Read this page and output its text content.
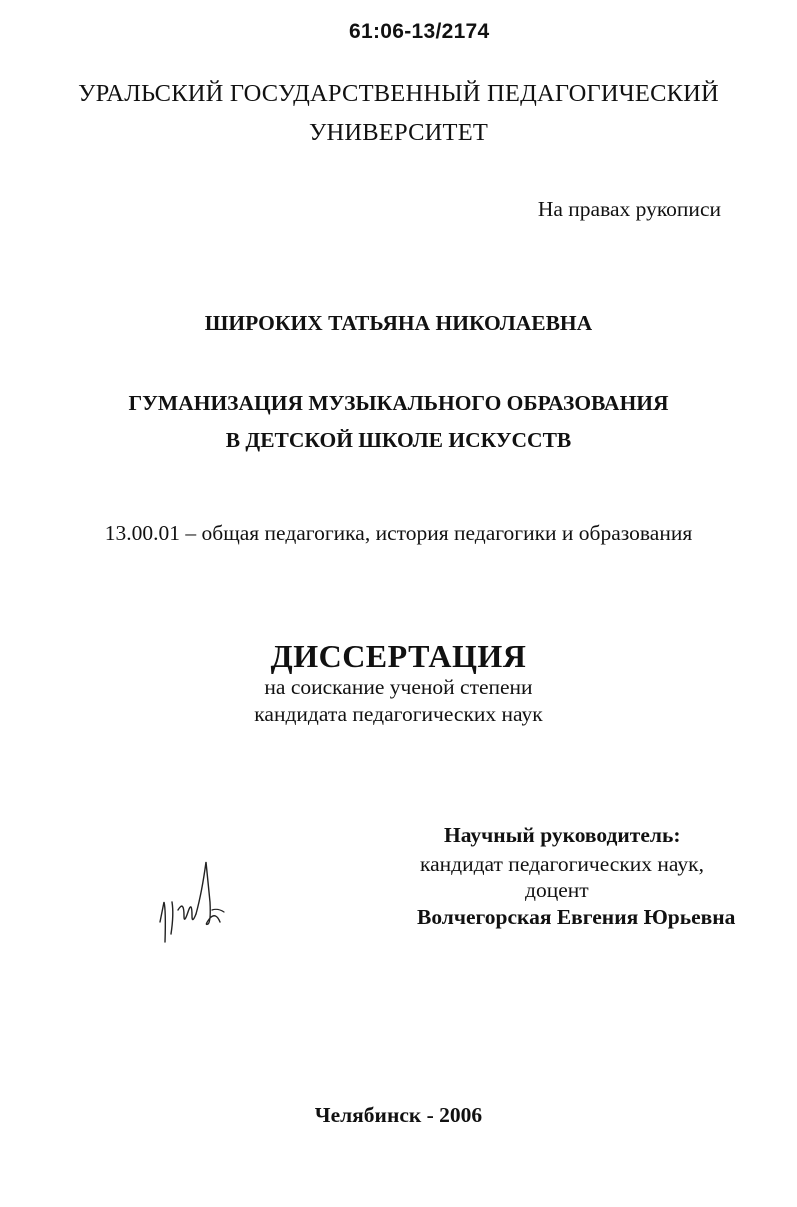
61:06-13/2174

УРАЛЬСКИЙ ГОСУДАРСТВЕННЫЙ ПЕДАГОГИЧЕСКИЙ

УНИВЕРСИТЕТ

На правах рукописи

ШИРОКИХ ТАТЬЯНА НИКОЛАЕВНА

ГУМАНИЗАЦИЯ МУЗЫКАЛЬНОГО ОБРАЗОВАНИЯ

В ДЕТСКОЙ ШКОЛЕ ИСКУССТВ

13.00.01 – общая педагогика, история педагогики и образования

ДИССЕРТАЦИЯ

на соискание ученой степени

кандидата педагогических наук

Научный руководитель:

кандидат педагогических наук,

доцент

Волчегорская Евгения Юрьевна

Челябинск - 2006
